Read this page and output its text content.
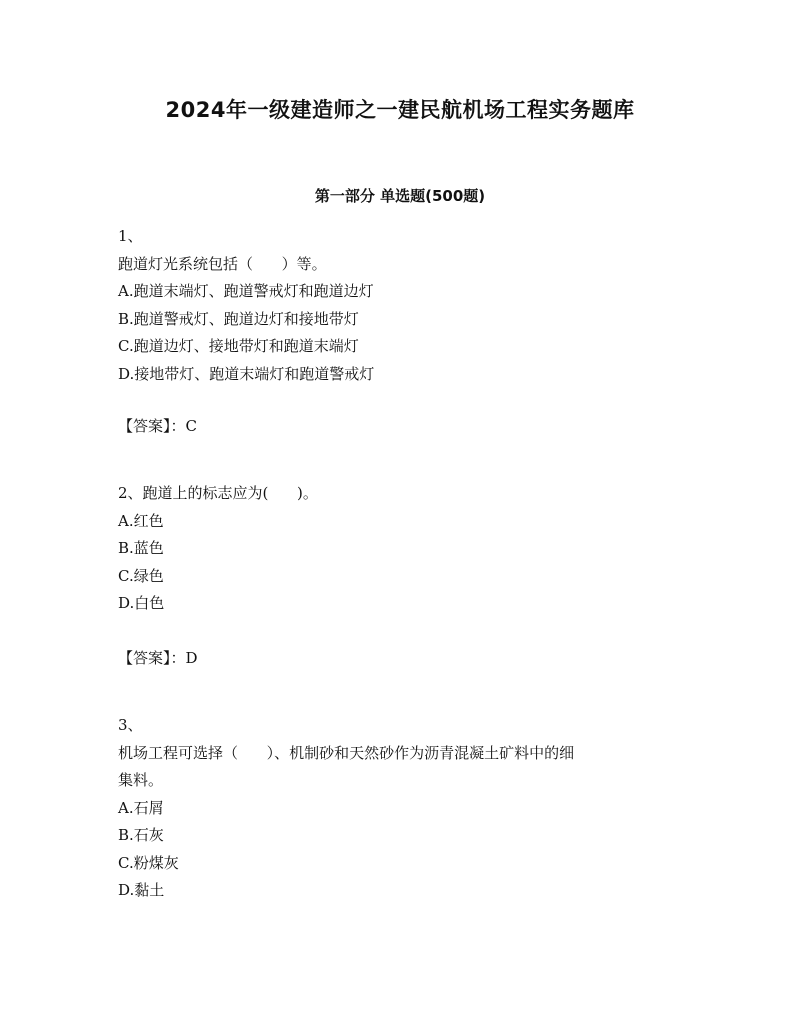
2024年一级建造师之一建民航机场工程实务题库
第一部分 单选题(500题)
1、
跑道灯光系统包括（      ）等。
A.跑道末端灯、跑道警戒灯和跑道边灯
B.跑道警戒灯、跑道边灯和接地带灯
C.跑道边灯、接地带灯和跑道末端灯
D.接地带灯、跑道末端灯和跑道警戒灯
【答案】：C
2、跑道上的标志应为(      )。
A.红色
B.蓝色
C.绿色
D.白色
【答案】：D
3、
机场工程可选择（      ）、机制砂和天然砂作为沥青混凝土矿料中的细
集料。
A.石屑
B.石灰
C.粉煤灰
D.黏土
